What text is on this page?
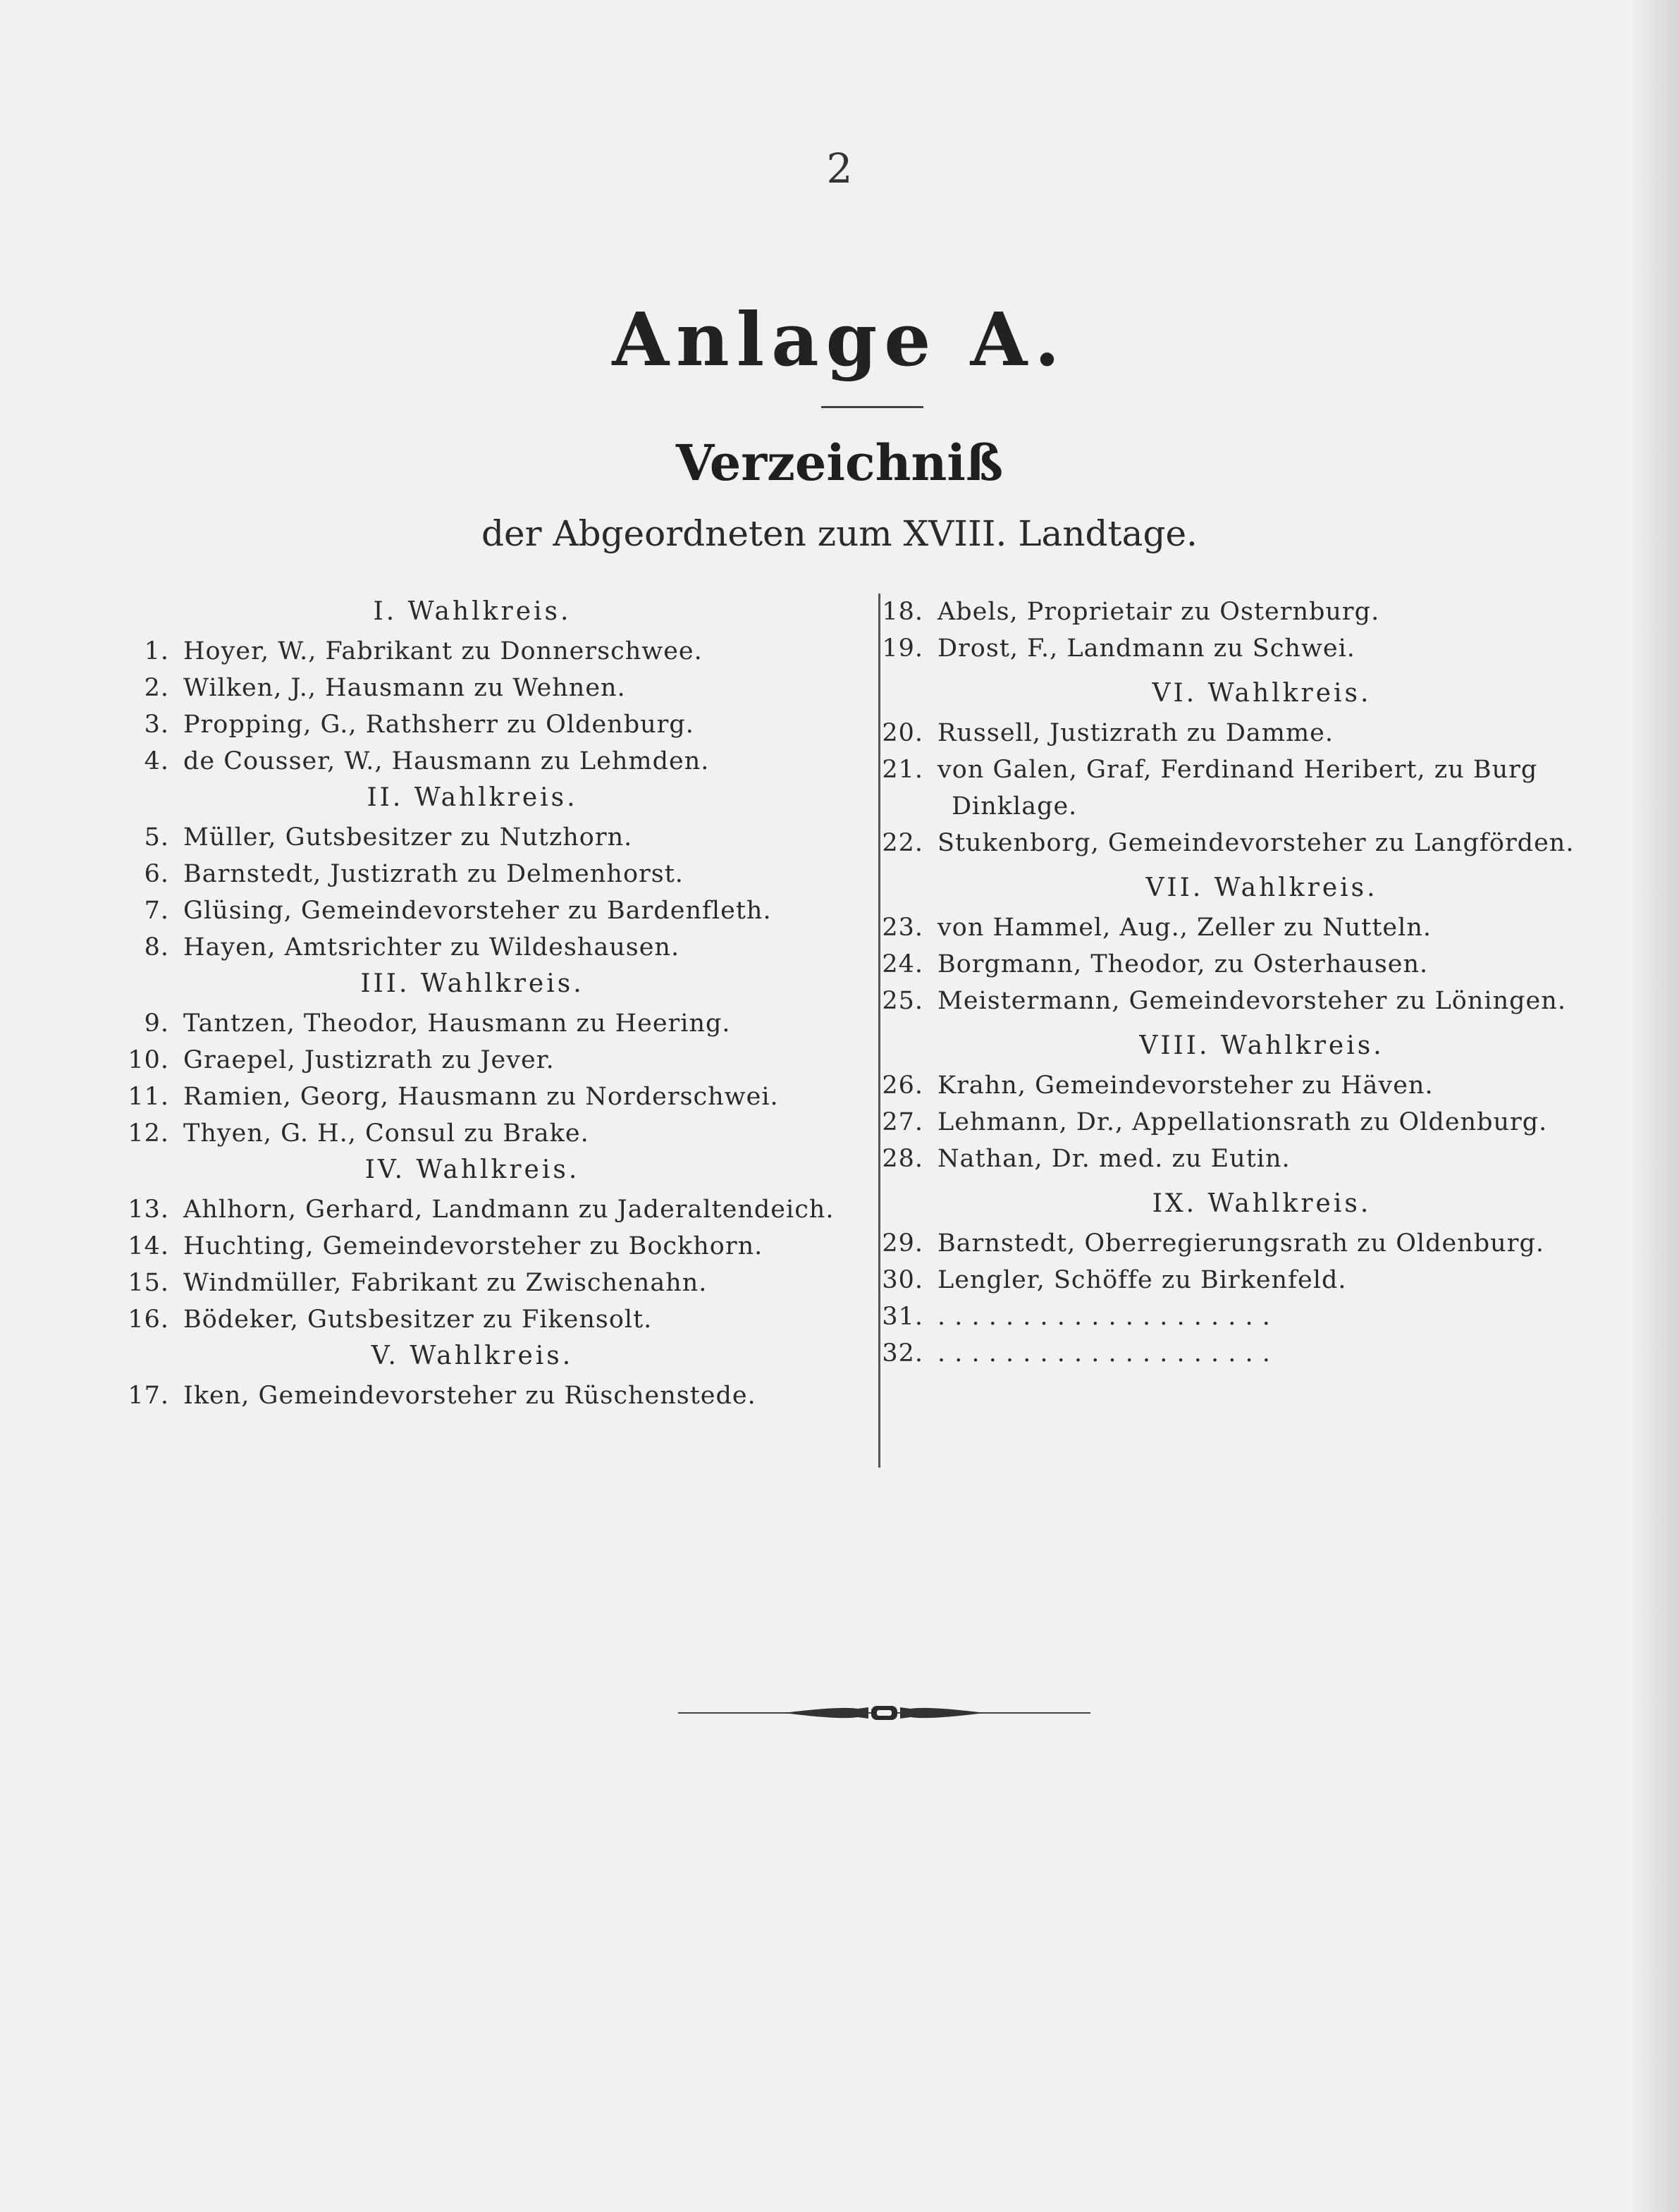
2
Anlage A.
Verzeichniß
der Abgeordneten zum XVIII. Landtage.
I. Wahlkreis.
1. Hoyer, W., Fabrikant zu Donnerschwee.
2. Wilken, J., Hausmann zu Wehnen.
3. Propping, G., Rathsherr zu Oldenburg.
4. de Cousser, W., Hausmann zu Lehmden.
II. Wahlkreis.
5. Müller, Gutsbesitzer zu Nutzhorn.
6. Barnstedt, Justizrath zu Delmenhorst.
7. Glüsing, Gemeindevorsteher zu Bardenfleth.
8. Hayen, Amtsrichter zu Wildeshausen.
III. Wahlkreis.
9. Tantzen, Theodor, Hausmann zu Heering.
10. Graepel, Justizrath zu Jever.
11. Ramien, Georg, Hausmann zu Norderschwei.
12. Thyen, G. H., Consul zu Brake.
IV. Wahlkreis.
13. Ahlhorn, Gerhard, Landmann zu Jaderaltendeich.
14. Huchting, Gemeindevorsteher zu Bockhorn.
15. Windmüller, Fabrikant zu Zwischenahn.
16. Bödeker, Gutsbesitzer zu Fikensolt.
V. Wahlkreis.
17. Iken, Gemeindevorsteher zu Rüschenstede.
18. Abels, Proprietair zu Osternburg.
19. Drost, F., Landmann zu Schwei.
VI. Wahlkreis.
20. Russell, Justizrath zu Damme.
21. von Galen, Graf, Ferdinand Heribert, zu Burg
Dinklage.
22. Stukenborg, Gemeindevorsteher zu Langförden.
VII. Wahlkreis.
23. von Hammel, Aug., Zeller zu Nutteln.
24. Borgmann, Theodor, zu Osterhausen.
25. Meistermann, Gemeindevorsteher zu Löningen.
VIII. Wahlkreis.
26. Krahn, Gemeindevorsteher zu Häven.
27. Lehmann, Dr., Appellationsrath zu Oldenburg.
28. Nathan, Dr. med. zu Eutin.
IX. Wahlkreis.
29. Barnstedt, Oberregierungsrath zu Oldenburg.
30. Lengler, Schöffe zu Birkenfeld.
31. . . . . . . . . . . . . . . . . . . . .
32. . . . . . . . . . . . . . . . . . . . .
